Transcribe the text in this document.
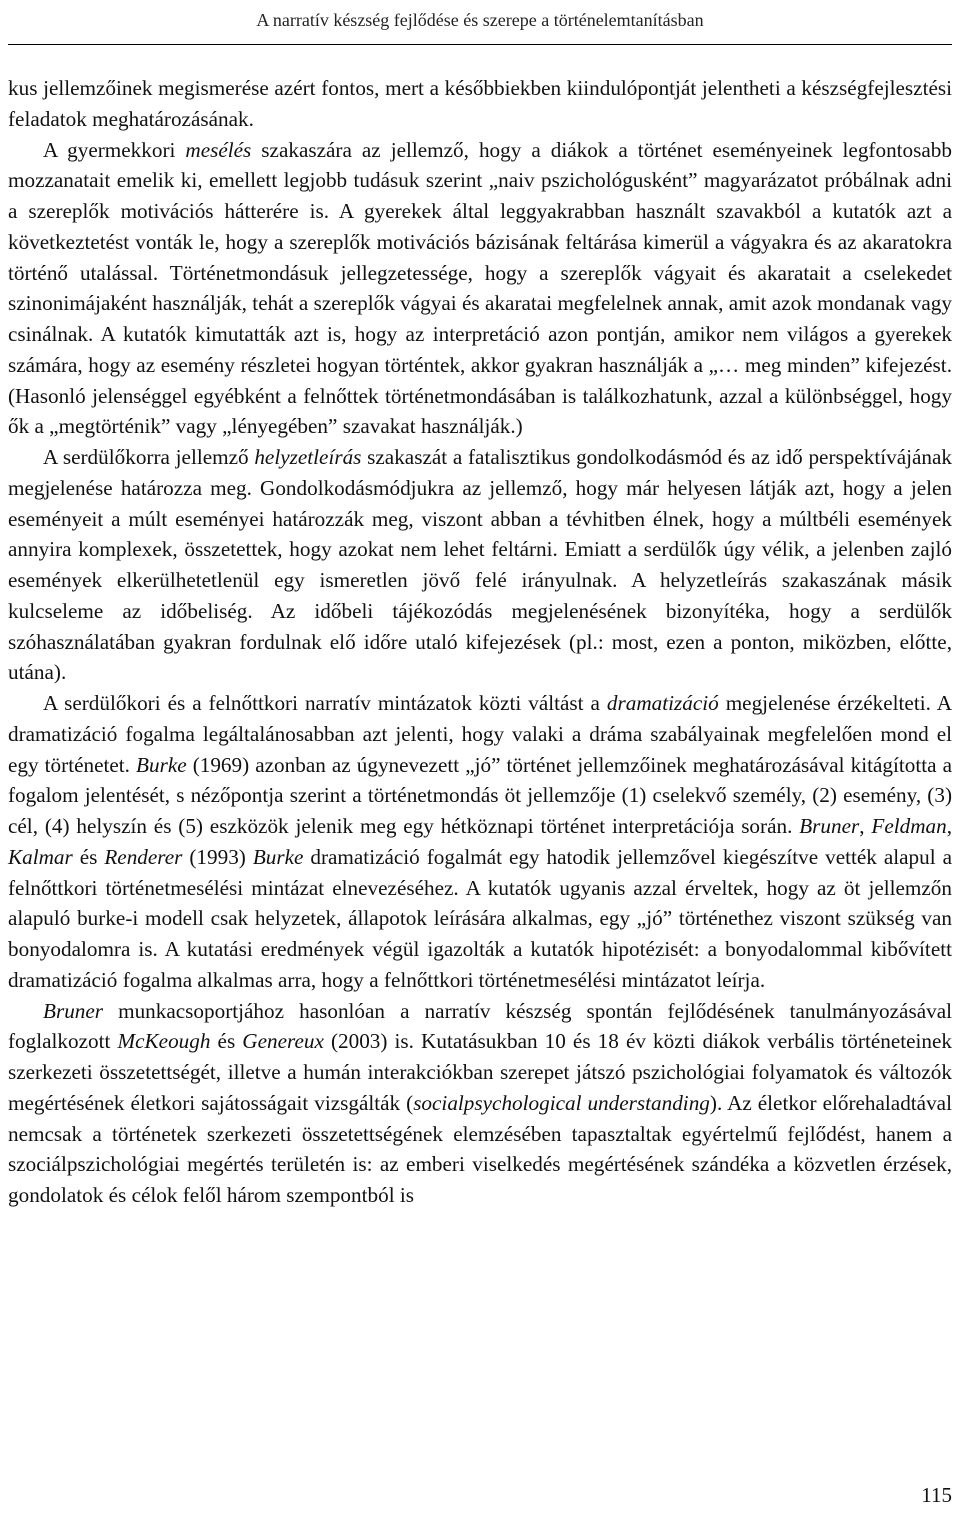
A narratív készség fejlődése és szerepe a történelemtanításban

kus jellemzőinek megismerése azért fontos, mert a későbbiekben kiindulópontját jelentheti a készségfejlesztési feladatok meghatározásának.

A gyermekkori mesélés szakaszára az jellemző, hogy a diákok a történet eseményeinek legfontosabb mozzanatait emelik ki, emellett legjobb tudásuk szerint „naiv pszichológusként” magyarázatot próbálnak adni a szereplők motivációs hátterére is. A gyerekek által leggyakrabban használt szavakból a kutatók azt a következtetést vonták le, hogy a szereplők motivációs bázisának feltárása kimerül a vágyakra és az akaratokra történő utalással. Történetmondásuk jellegzetessége, hogy a szereplők vágyait és akaratait a cselekedet szinonimájaként használják, tehát a szereplők vágyai és akaratai megfelelnek annak, amit azok mondanak vagy csinálnak. A kutatók kimutatták azt is, hogy az interpretáció azon pontján, amikor nem világos a gyerekek számára, hogy az esemény részletei hogyan történtek, akkor gyakran használják a „… meg minden” kifejezést. (Hasonló jelenséggel egyébként a felnőttek történetmondásában is találkozhatunk, azzal a különbséggel, hogy ők a „megtörténik” vagy „lényegében” szavakat használják.)

A serdülőkorra jellemző helyzetleírás szakaszát a fatalisztikus gondolkodásmód és az idő perspektívájának megjelenése határozza meg. Gondolkodásmódjukra az jellemző, hogy már helyesen látják azt, hogy a jelen eseményeit a múlt eseményei határozzák meg, viszont abban a tévhitben élnek, hogy a múltbéli események annyira komplexek, összetettek, hogy azokat nem lehet feltárni. Emiatt a serdülők úgy vélik, a jelenben zajló események elkerülhetetlenül egy ismeretlen jövő felé irányulnak. A helyzetleírás szakaszának másik kulcseleme az időbeliség. Az időbeli tájékozódás megjelenésének bizonyítéka, hogy a serdülők szóhasználatában gyakran fordulnak elő időre utaló kifejezések (pl.: most, ezen a ponton, miközben, előtte, utána).

A serdülőkori és a felnőttkori narratív mintázatok közti váltást a dramatizáció megjelenése érzékelteti. A dramatizáció fogalma legáltalánosabban azt jelenti, hogy valaki a dráma szabályainak megfelelően mond el egy történetet. Burke (1969) azonban az úgynevezett „jó” történet jellemzőinek meghatározásával kitágította a fogalom jelentését, s nézőpontja szerint a történetmondás öt jellemzője (1) cselekvő személy, (2) esemény, (3) cél, (4) helyszín és (5) eszközök jelenik meg egy hétköznapi történet interpretációja során. Bruner, Feldman, Kalmar és Renderer (1993) Burke dramatizáció fogalmát egy hatodik jellemzővel kiegészítve vették alapul a felnőttkori történetmesélési mintázat elnevezéséhez. A kutatók ugyanis azzal érveltek, hogy az öt jellemzőn alapuló burke-i modell csak helyzetek, állapotok leírására alkalmas, egy „jó” történethez viszont szükség van bonyodalomra is. A kutatási eredmények végül igazolták a kutatók hipotézisét: a bonyodalommal kibővített dramatizáció fogalma alkalmas arra, hogy a felnőttkori történetmesélési mintázatot leírja.

Bruner munkacsoportjához hasonlóan a narratív készség spontán fejlődésének tanulmányozásával foglalkozott McKeough és Genereux (2003) is. Kutatásukban 10 és 18 év közti diákok verbális történeteinek szerkezeti összetettségét, illetve a humán interakciókban szerepet játszó pszichológiai folyamatok és változók megértésének életkori sajátosságait vizsgálták (socialpsychological understanding). Az életkor előrehaladtával nemcsak a történetek szerkezeti összetettségének elemzésében tapasztaltak egyértelmű fejlődést, hanem a szociálpszichológiai megértés területén is: az emberi viselkedés megértésének szándéka a közvetlen érzések, gondolatok és célok felől három szempontból is

115
